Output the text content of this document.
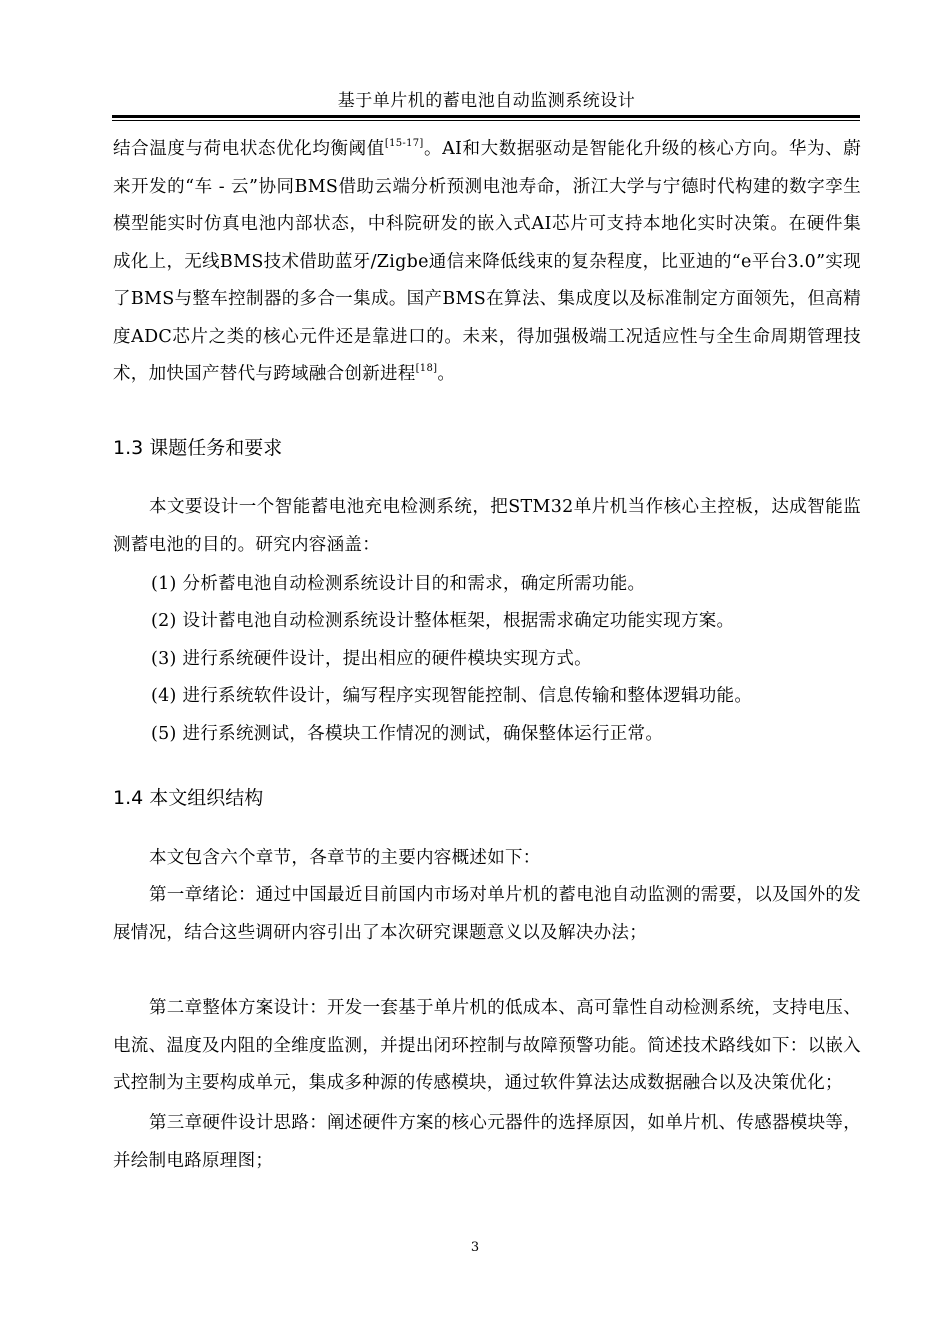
基于单片机的蓄电池自动监测系统设计

结合温度与荷电状态优化均衡阈值[15-17]。AI和大数据驱动是智能化升级的核心方向。华为、蔚来开发的“车 - 云”协同BMS借助云端分析预测电池寿命，浙江大学与宁德时代构建的数字孪生模型能实时仿真电池内部状态，中科院研发的嵌入式AI芯片可支持本地化实时决策。在硬件集成化上，无线BMS技术借助蓝牙/Zigbe通信来降低线束的复杂程度，比亚迪的“e平台3.0”实现了BMS与整车控制器的多合一集成。国产BMS在算法、集成度以及标准制定方面领先，但高精度ADC芯片之类的核心元件还是靠进口的。未来，得加强极端工况适应性与全生命周期管理技术，加快国产替代与跨域融合创新进程[18]。

1.3 课题任务和要求

本文要设计一个智能蓄电池充电检测系统，把STM32单片机当作核心主控板，达成智能监测蓄电池的目的。研究内容涵盖：

(1) 分析蓄电池自动检测系统设计目的和需求，确定所需功能。

(2) 设计蓄电池自动检测系统设计整体框架，根据需求确定功能实现方案。

(3) 进行系统硬件设计，提出相应的硬件模块实现方式。

(4) 进行系统软件设计，编写程序实现智能控制、信息传输和整体逻辑功能。

(5) 进行系统测试，各模块工作情况的测试，确保整体运行正常。

1.4 本文组织结构

本文包含六个章节，各章节的主要内容概述如下：

第一章绪论：通过中国最近目前国内市场对单片机的蓄电池自动监测的需要，以及国外的发展情况，结合这些调研内容引出了本次研究课题意义以及解决办法；

第二章整体方案设计：开发一套基于单片机的低成本、高可靠性自动检测系统，支持电压、电流、温度及内阻的全维度监测，并提出闭环控制与故障预警功能。简述技术路线如下：以嵌入式控制为主要构成单元，集成多种源的传感模块，通过软件算法达成数据融合以及决策优化；

第三章硬件设计思路：阐述硬件方案的核心元器件的选择原因，如单片机、传感器模块等，并绘制电路原理图；

3
